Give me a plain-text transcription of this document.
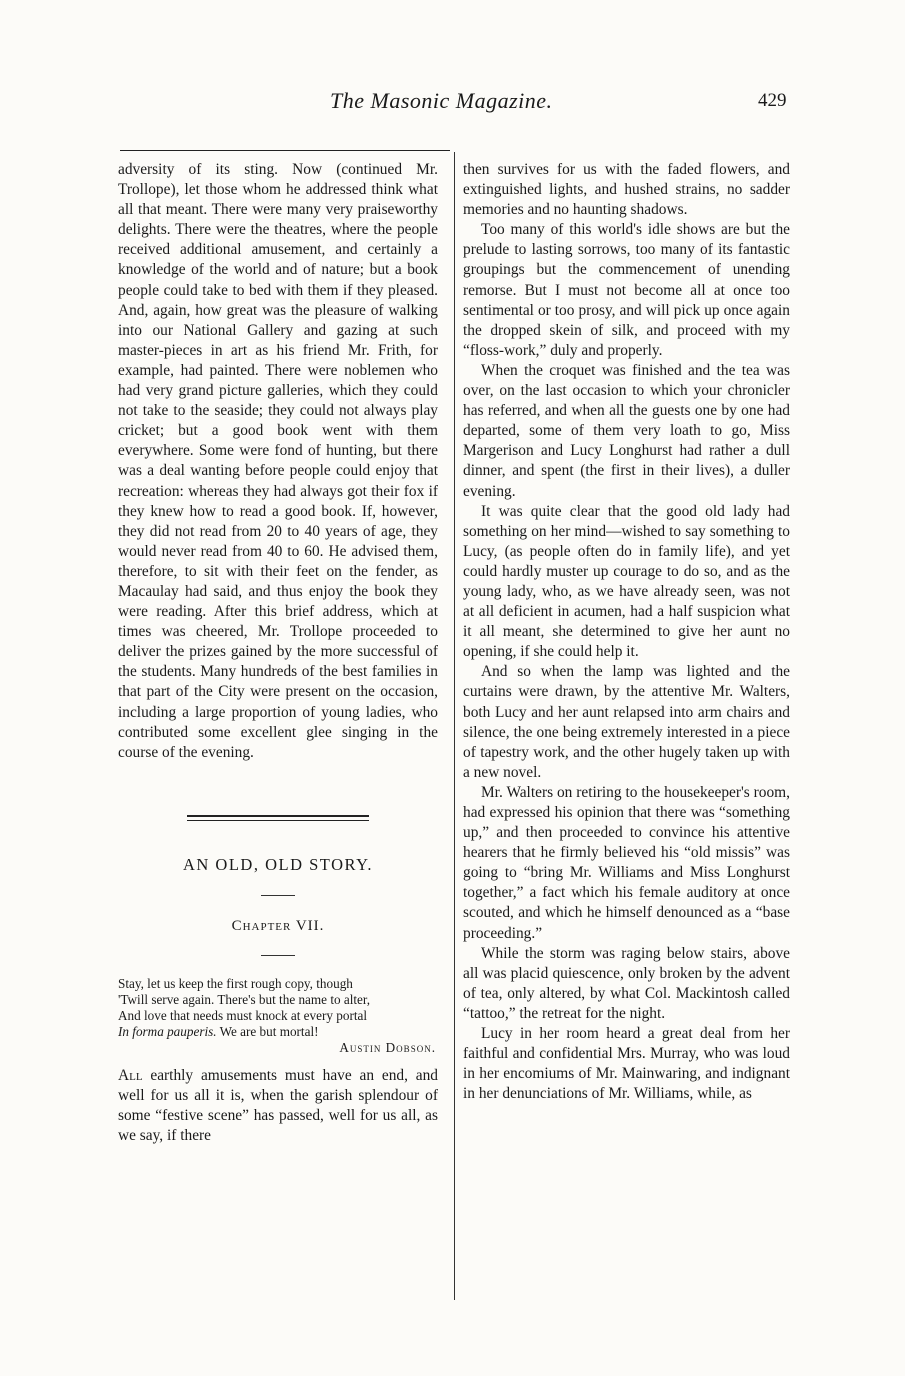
The Masonic Magazine.	429

adversity of its sting. Now (continued Mr. Trollope), let those whom he addressed think what all that meant. There were many very praiseworthy delights. There were the theatres, where the people received additional amusement, and certainly a knowledge of the world and of nature; but a book people could take to bed with them if they pleased. And, again, how great was the pleasure of walking into our National Gallery and gazing at such master-pieces in art as his friend Mr. Frith, for example, had painted. There were noblemen who had very grand picture galleries, which they could not take to the seaside; they could not always play cricket; but a good book went with them everywhere. Some were fond of hunting, but there was a deal wanting before people could enjoy that recreation: whereas they had always got their fox if they knew how to read a good book. If, however, they did not read from 20 to 40 years of age, they would never read from 40 to 60. He advised them, therefore, to sit with their feet on the fender, as Macaulay had said, and thus enjoy the book they were reading. After this brief address, which at times was cheered, Mr. Trollope proceeded to deliver the prizes gained by the more successful of the students. Many hundreds of the best families in that part of the City were present on the occasion, including a large proportion of young ladies, who contributed some excellent glee singing in the course of the evening.

AN OLD, OLD STORY.
Chapter VII.
Stay, let us keep the first rough copy, though
'Twill serve again. There's but the name to alter,
And love that needs must knock at every portal
In forma pauperis. We are but mortal!
Austin Dobson.

All earthly amusements must have an end, and well for us all it is, when the garish splendour of some “festive scene” has passed, well for us all, as we say, if there

then survives for us with the faded flowers, and extinguished lights, and hushed strains, no sadder memories and no haunting shadows.

Too many of this world's idle shows are but the prelude to lasting sorrows, too many of its fantastic groupings but the commencement of unending remorse. But I must not become all at once too sentimental or too prosy, and will pick up once again the dropped skein of silk, and proceed with my “floss-work,” duly and properly.

When the croquet was finished and the tea was over, on the last occasion to which your chronicler has referred, and when all the guests one by one had departed, some of them very loath to go, Miss Margerison and Lucy Longhurst had rather a dull dinner, and spent (the first in their lives), a duller evening.

It was quite clear that the good old lady had something on her mind—wished to say something to Lucy, (as people often do in family life), and yet could hardly muster up courage to do so, and as the young lady, who, as we have already seen, was not at all deficient in acumen, had a half suspicion what it all meant, she determined to give her aunt no opening, if she could help it.

And so when the lamp was lighted and the curtains were drawn, by the attentive Mr. Walters, both Lucy and her aunt relapsed into arm chairs and silence, the one being extremely interested in a piece of tapestry work, and the other hugely taken up with a new novel.

Mr. Walters on retiring to the housekeeper's room, had expressed his opinion that there was “something up,” and then proceeded to convince his attentive hearers that he firmly believed his “old missis” was going to “bring Mr. Williams and Miss Longhurst together,” a fact which his female auditory at once scouted, and which he himself denounced as a “base proceeding.”

While the storm was raging below stairs, above all was placid quiescence, only broken by the advent of tea, only altered, by what Col. Mackintosh called “tattoo,” the retreat for the night.

Lucy in her room heard a great deal from her faithful and confidential Mrs. Murray, who was loud in her encomiums of Mr. Mainwaring, and indignant in her denunciations of Mr. Williams, while, as
